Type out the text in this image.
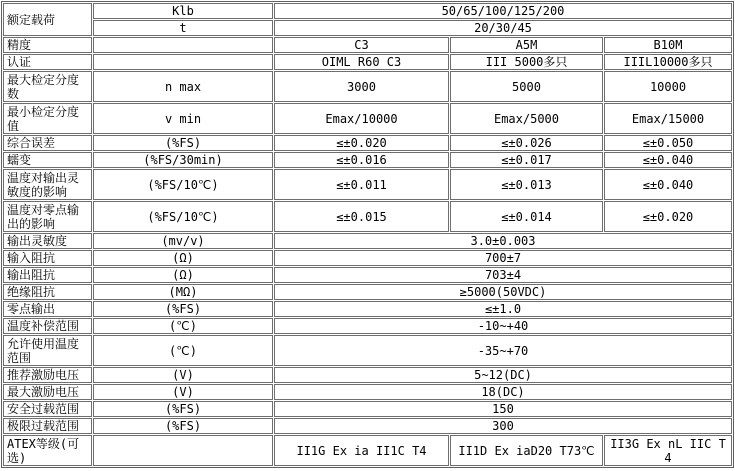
额定载荷	Klb	50/65/100/125/200		
	t	20/30/45		
精度		C3	A5M	B10M
认证		OIML R60 C3	III 5000多只	IIIL10000多只
最大检定分度数	n max	3000	5000	10000
最小检定分度值	v min	Emax/10000	Emax/5000	Emax/15000
综合误差	(%FS)	≤±0.020	≤±0.026	≤±0.050
蠕变	(%FS/30min)	≤±0.016	≤±0.017	≤±0.040
温度对输出灵敏度的影响	(%FS/10℃)	≤±0.011	≤±0.013	≤±0.040
温度对零点输出的影响	(%FS/10℃)	≤±0.015	≤±0.014	≤±0.020
输出灵敏度	(mv/v)	3.0±0.003		
输入阻抗	(Ω)	700±7		
输出阻抗	(Ω)	703±4		
绝缘阻抗	(MΩ)	≥5000(50VDC)		
零点输出	(%FS)	≤±1.0		
温度补偿范围	(℃)	-10~+40		
允许使用温度范围	(℃)	-35~+70		
推荐激励电压	(V)	5~12(DC)		
最大激励电压	(V)	18(DC)		
安全过载范围	(%FS)	150		
极限过载范围	(%FS)	300		
ATEX等级(可选)		II1G Ex ia II1C T4	II1D Ex iaD20 T73℃	II3G Ex nL IIC T4
